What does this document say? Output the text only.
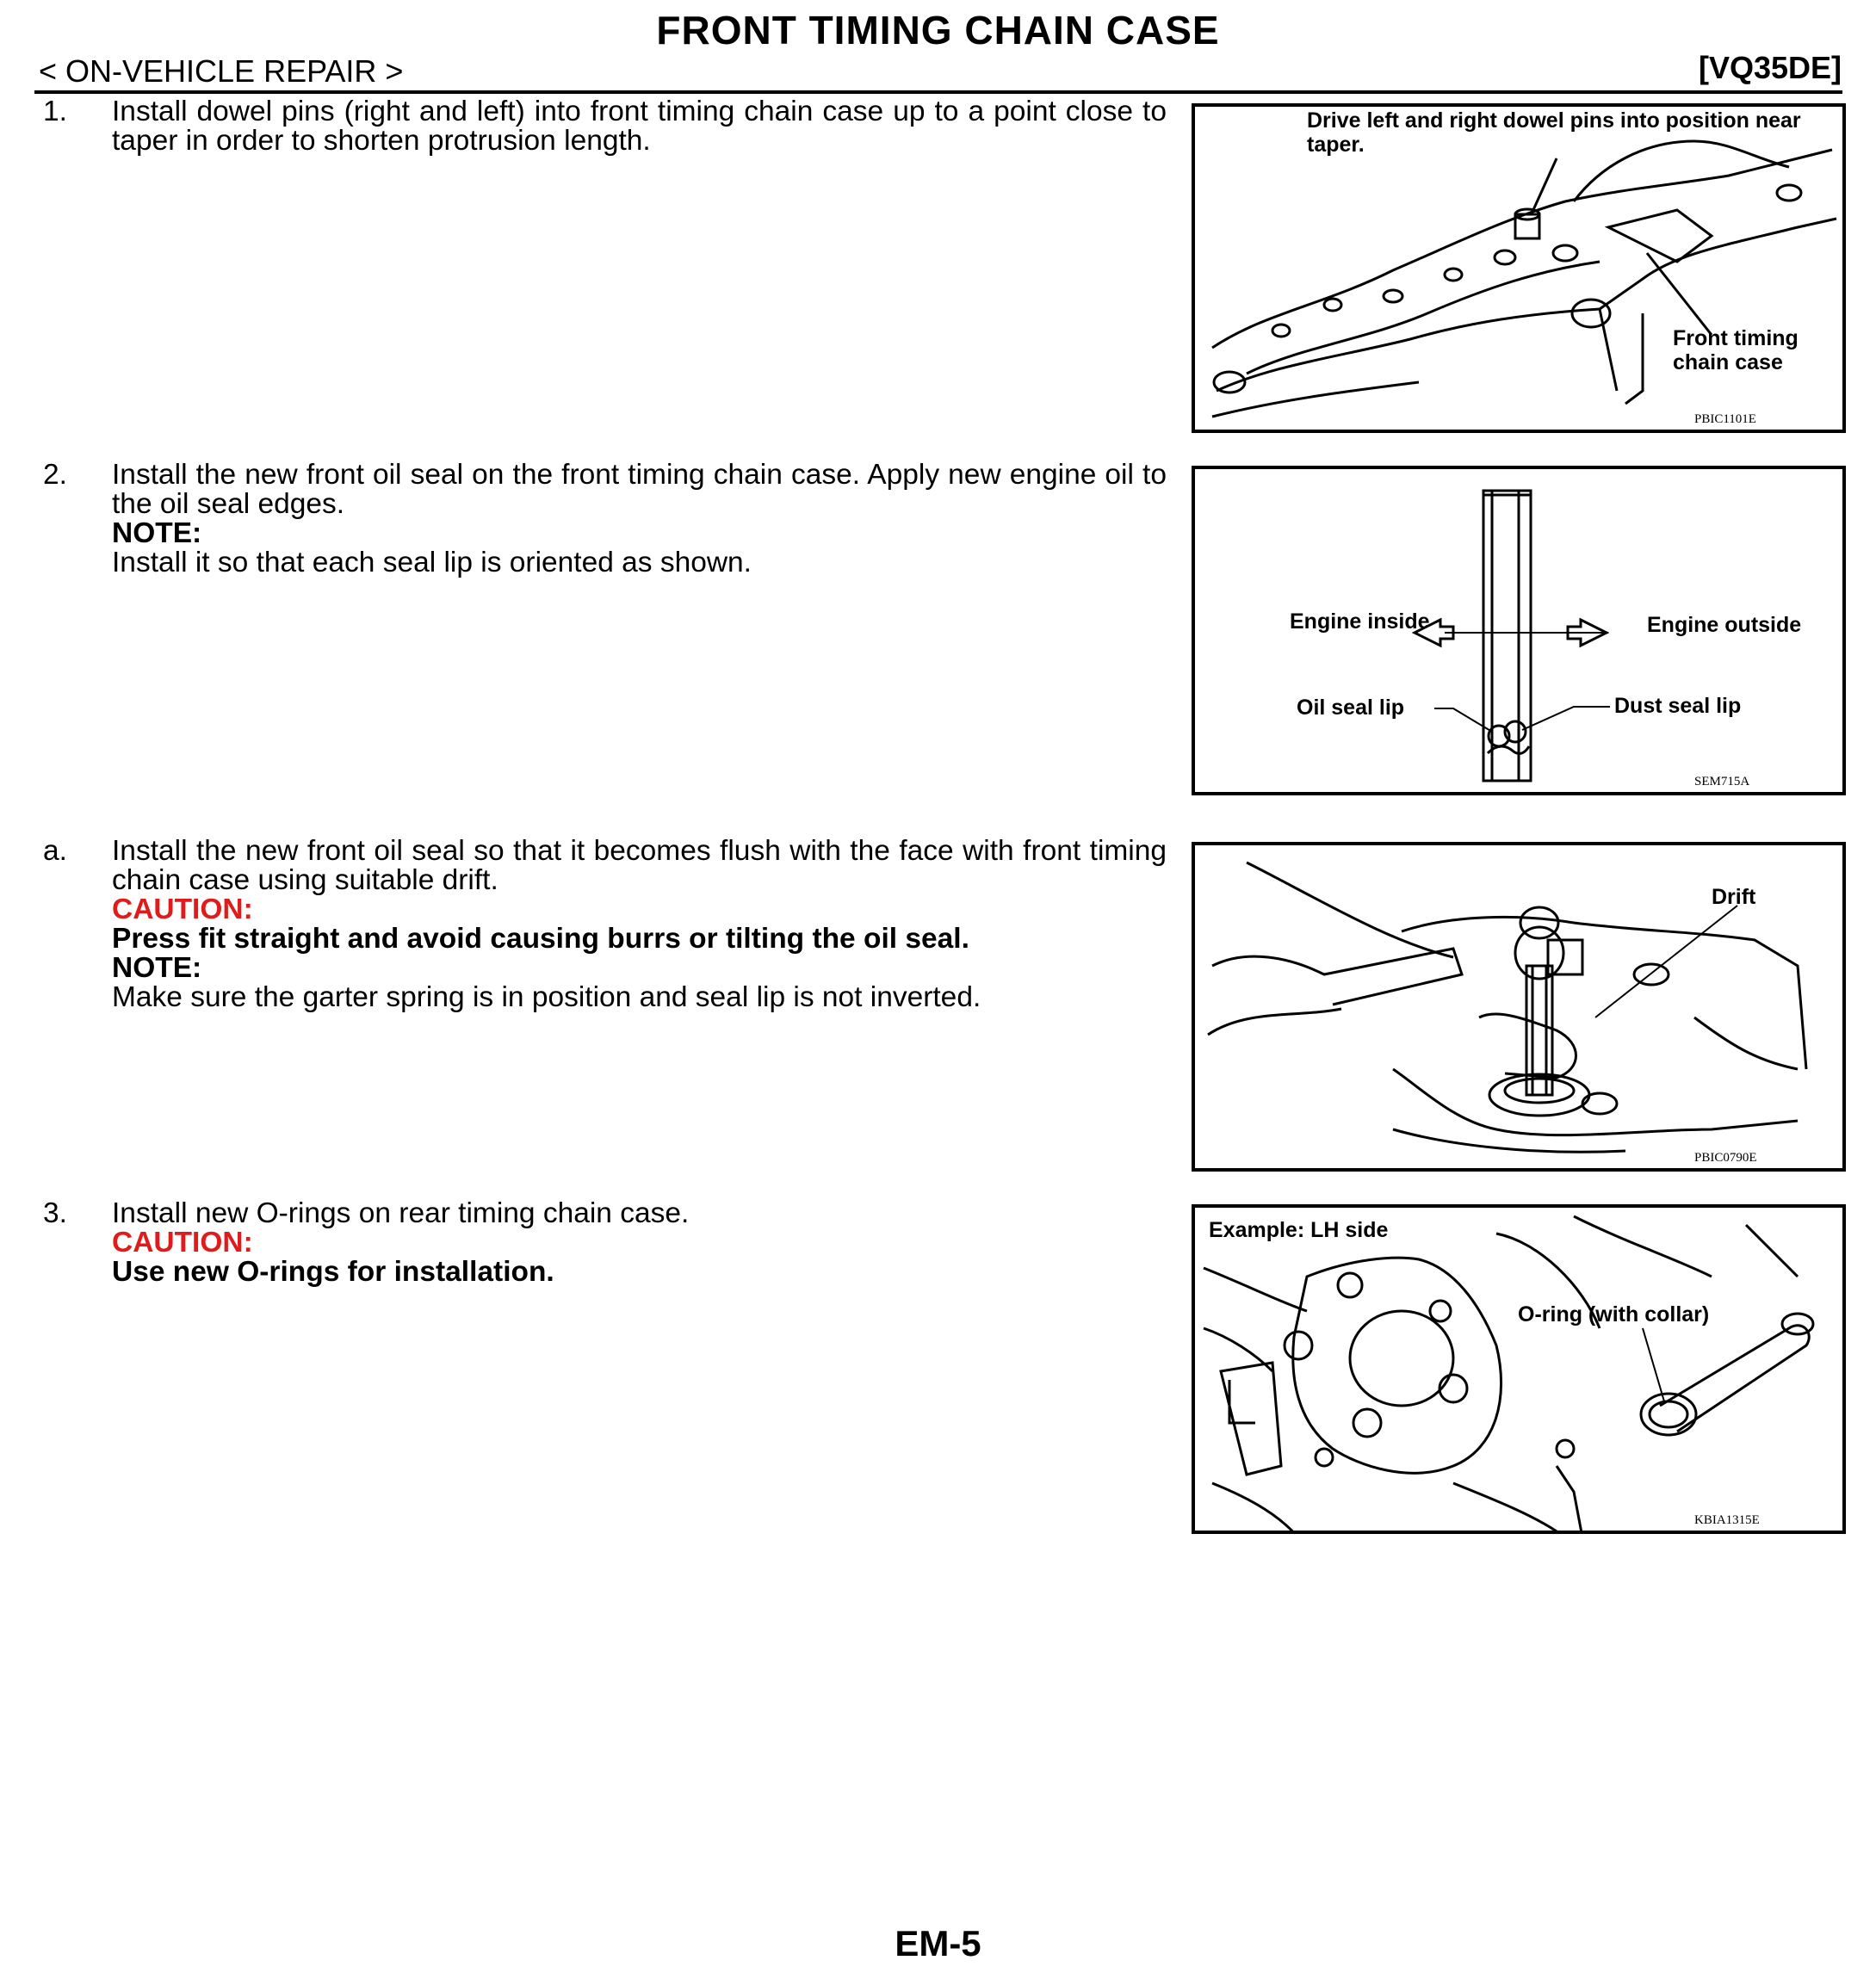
FRONT TIMING CHAIN CASE
< ON-VEHICLE REPAIR >	[VQ35DE]
1. Install dowel pins (right and left) into front timing chain case up to a point close to taper in order to shorten protrusion length.

2. Install the new front oil seal on the front timing chain case. Apply new engine oil to the oil seal edges.

NOTE:

Install it so that each seal lip is oriented as shown.

a. Install the new front oil seal so that it becomes flush with the face with front timing chain case using suitable drift.

CAUTION:

Press fit straight and avoid causing burrs or tilting the oil seal.

NOTE:

Make sure the garter spring is in position and seal lip is not inverted.

3. Install new O-rings on rear timing chain case.

CAUTION:

Use new O-rings for installation.

Drive left and right dowel pins into position near taper.
Front timing chain case
PBIC1101E
Engine inside	Engine outside
Oil seal lip	Dust seal lip
SEM715A
Drift
PBIC0790E
Example: LH side
O-ring (with collar)
KBIA1315E
EM-5
